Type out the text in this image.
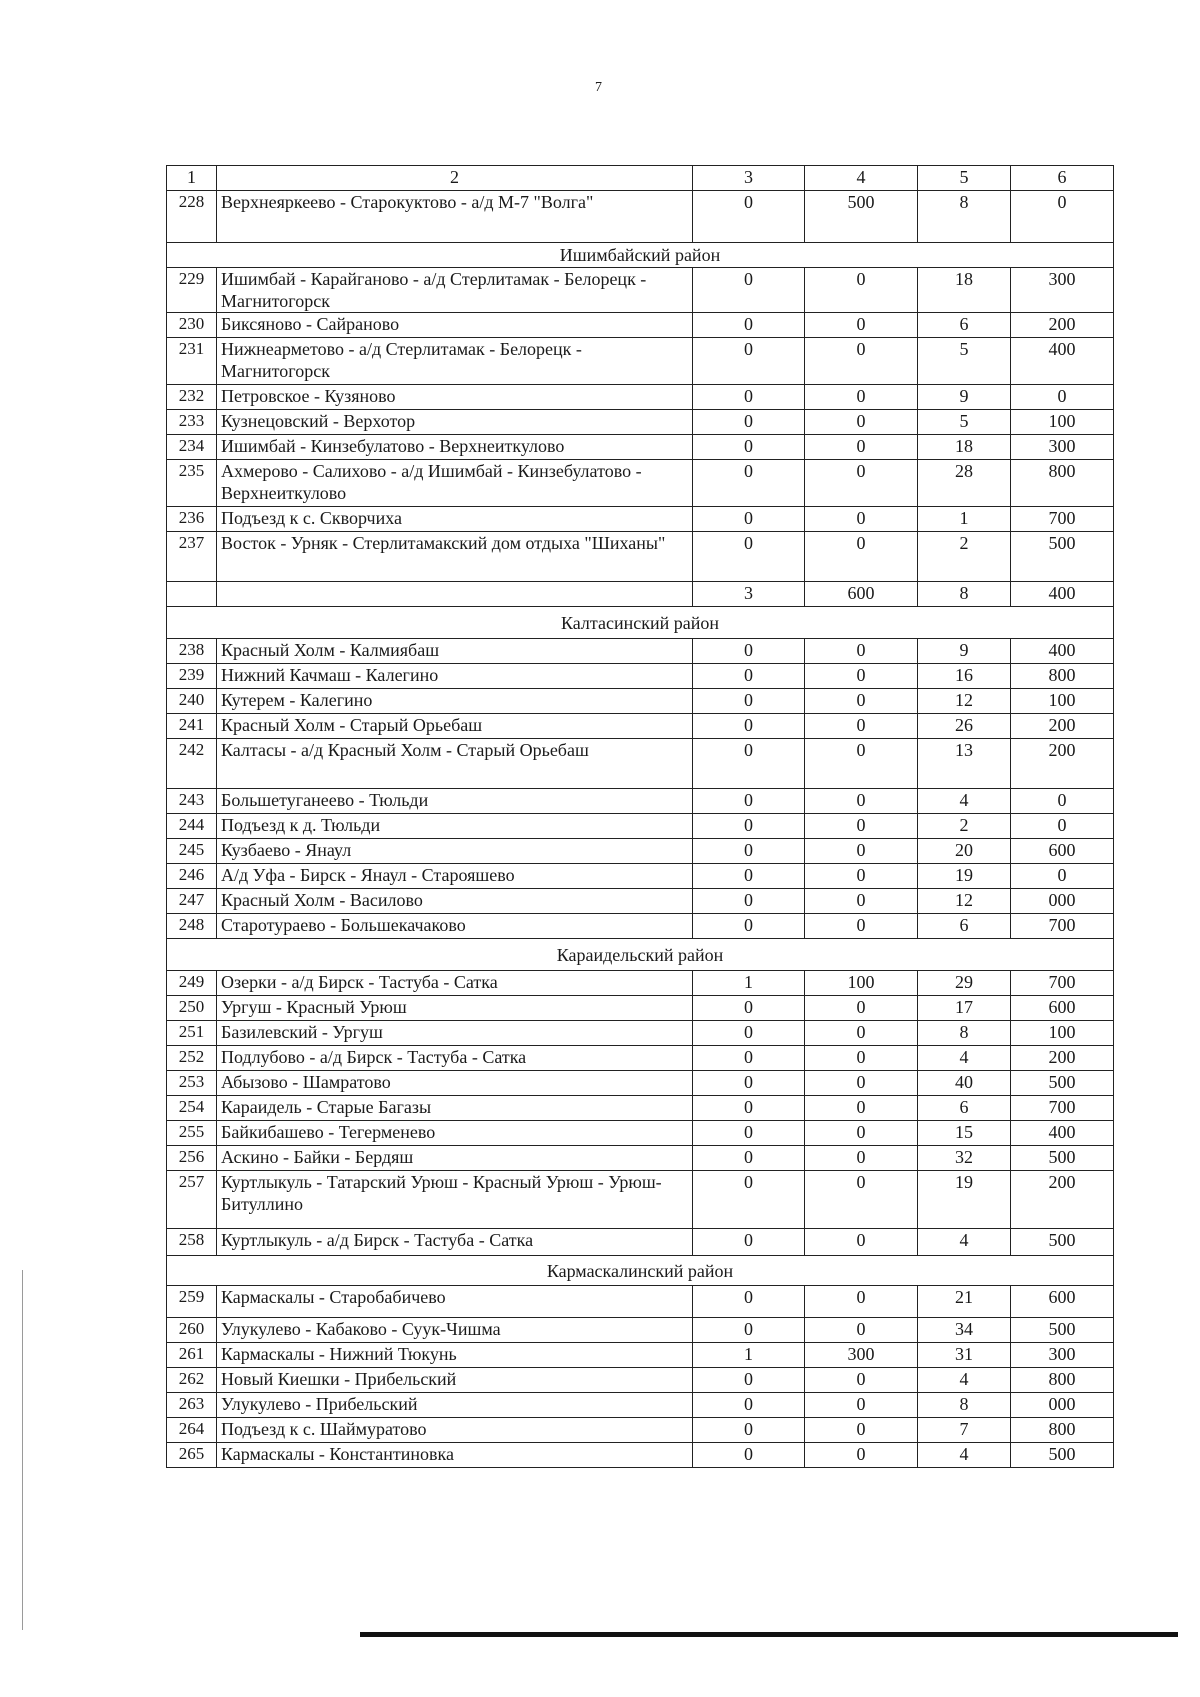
7
1	2	3	4	5	6
228	Верхнеяркеево - Старокуктово - а/д М-7 "Волга"	0	500	8	0
Ишимбайский район					
229	Ишимбай - Карайганово - а/д Стерлитамак - Белорецк - Магнитогорск	0	0	18	300
230	Биксяново - Сайраново	0	0	6	200
231	Нижнеарметово - а/д Стерлитамак - Белорецк - Магнитогорск	0	0	5	400
232	Петровское - Кузяново	0	0	9	0
233	Кузнецовский - Верхотор	0	0	5	100
234	Ишимбай - Кинзебулатово - Верхнеиткулово	0	0	18	300
235	Ахмерово - Салихово - а/д Ишимбай - Кинзебулатово - Верхнеиткулово	0	0	28	800
236	Подъезд к с. Скворчиха	0	0	1	700
237	Восток - Урняк - Стерлитамакский дом отдыха "Шиханы"	0	0	2	500
		3	600	8	400
Калтасинский район					
238	Красный Холм - Калмиябаш	0	0	9	400
239	Нижний Качмаш - Калегино	0	0	16	800
240	Кутерем - Калегино	0	0	12	100
241	Красный Холм - Старый Орьебаш	0	0	26	200
242	Калтасы - а/д Красный Холм - Старый Орьебаш	0	0	13	200
243	Большетуганеево - Тюльди	0	0	4	0
244	Подъезд к д. Тюльди	0	0	2	0
245	Кузбаево - Янаул	0	0	20	600
246	А/д Уфа - Бирск - Янаул - Старояшево	0	0	19	0
247	Красный Холм - Василово	0	0	12	000
248	Старотураево - Большекачаково	0	0	6	700
Караидельский район					
249	Озерки - а/д Бирск - Тастуба - Сатка	1	100	29	700
250	Ургуш - Красный Урюш	0	0	17	600
251	Базилевский - Ургуш	0	0	8	100
252	Подлубово - а/д Бирск - Тастуба - Сатка	0	0	4	200
253	Абызово - Шамратово	0	0	40	500
254	Караидель - Старые Багазы	0	0	6	700
255	Байкибашево - Тегерменево	0	0	15	400
256	Аскино - Байки - Бердяш	0	0	32	500
257	Куртлыкуль - Татарский Урюш - Красный Урюш - Урюш-Битуллино	0	0	19	200
258	Куртлыкуль - а/д Бирск - Тастуба - Сатка	0	0	4	500
Кармаскалинский район					
259	Кармаскалы - Старобабичево	0	0	21	600
260	Улукулево - Кабаково - Суук-Чишма	0	0	34	500
261	Кармаскалы - Нижний Тюкунь	1	300	31	300
262	Новый Киешки - Прибельский	0	0	4	800
263	Улукулево - Прибельский	0	0	8	000
264	Подъезд к с. Шаймуратово	0	0	7	800
265	Кармаскалы - Константиновка	0	0	4	500
